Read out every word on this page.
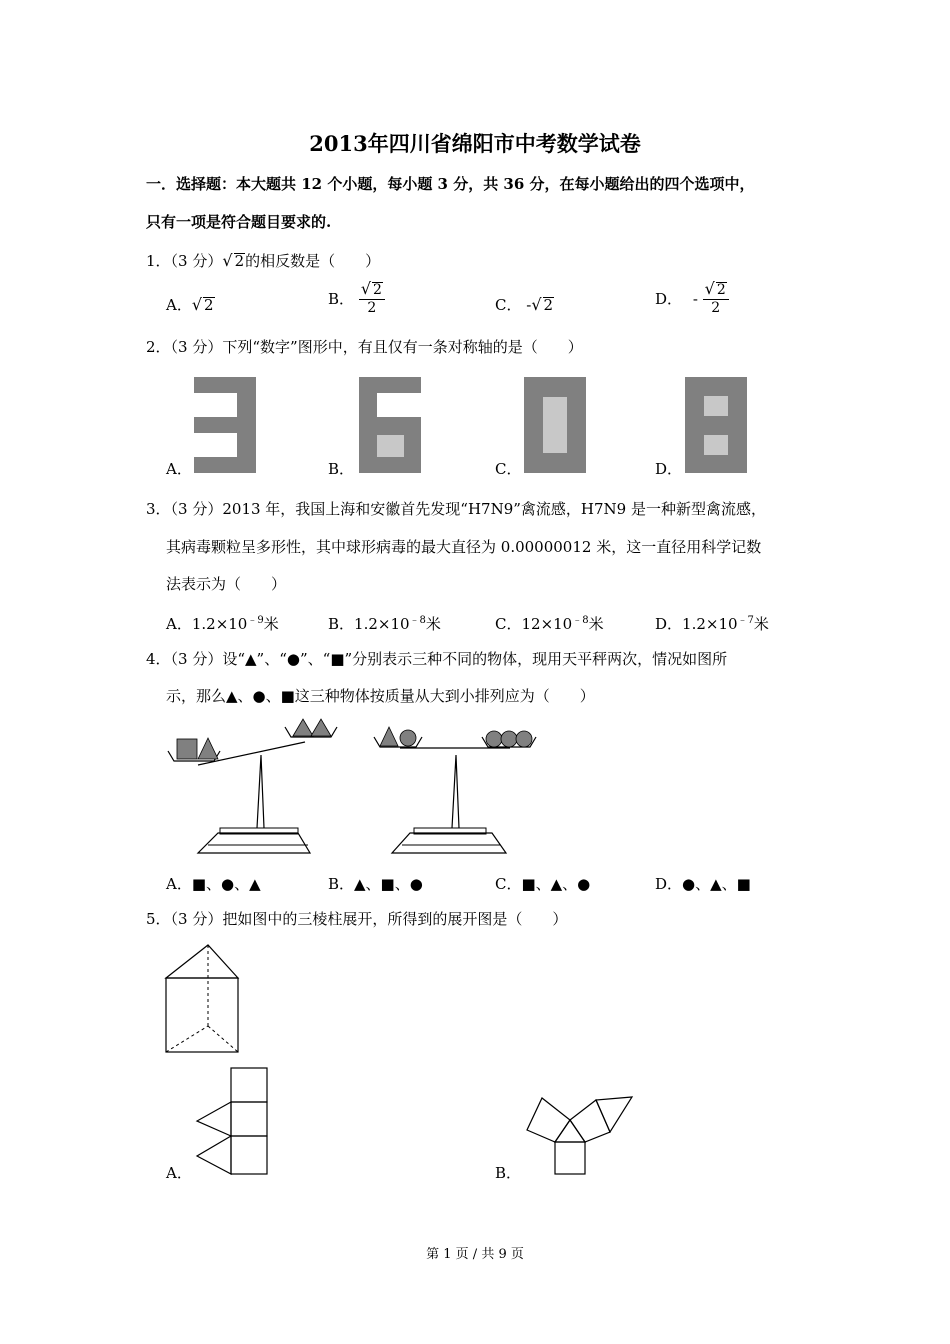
2013年四川省绵阳市中考数学试卷
一．选择题：本大题共 12 个小题，每小题 3 分，共 36 分，在每小题给出的四个选项中，
只有一项是符合题目要求的.
1．（3 分）√ 2的相反数是（　　）
A．√ 2	B． $\frac{√ 2}{2}$	C． -√ 2	D． - $\frac{√ 2}{2}$
2．（3 分）下列“数字”图形中，有且仅有一条对称轴的是（　　）
A．	B．	C．	D．
3．（3 分）2013 年，我国上海和安徽首先发现“H7N9”禽流感，H7N9 是一种新型禽流感，
其病毒颗粒呈多形性，其中球形病毒的最大直径为 0.00000012 米，这一直径用科学记数
法表示为（　　）
A．$1.2\times 10^{﹣9}$米	B．$1.2\times 10^{﹣8}$米	C．$12\times 10^{﹣8}$米	D．$1.2\times 10^{﹣7}$米
4．（3 分）设“▲”、“●”、“■”分别表示三种不同的物体，现用天平秤两次，情况如图所
示，那么▲、●、■这三种物体按质量从大到小排列应为（　　）
A．■、●、▲	B．▲、■、●	C．■、▲、●	D．●、▲、■
5．（3 分）把如图中的三棱柱展开，所得到的展开图是（　　）
A．	B．
第 1 页 / 共 9 页
